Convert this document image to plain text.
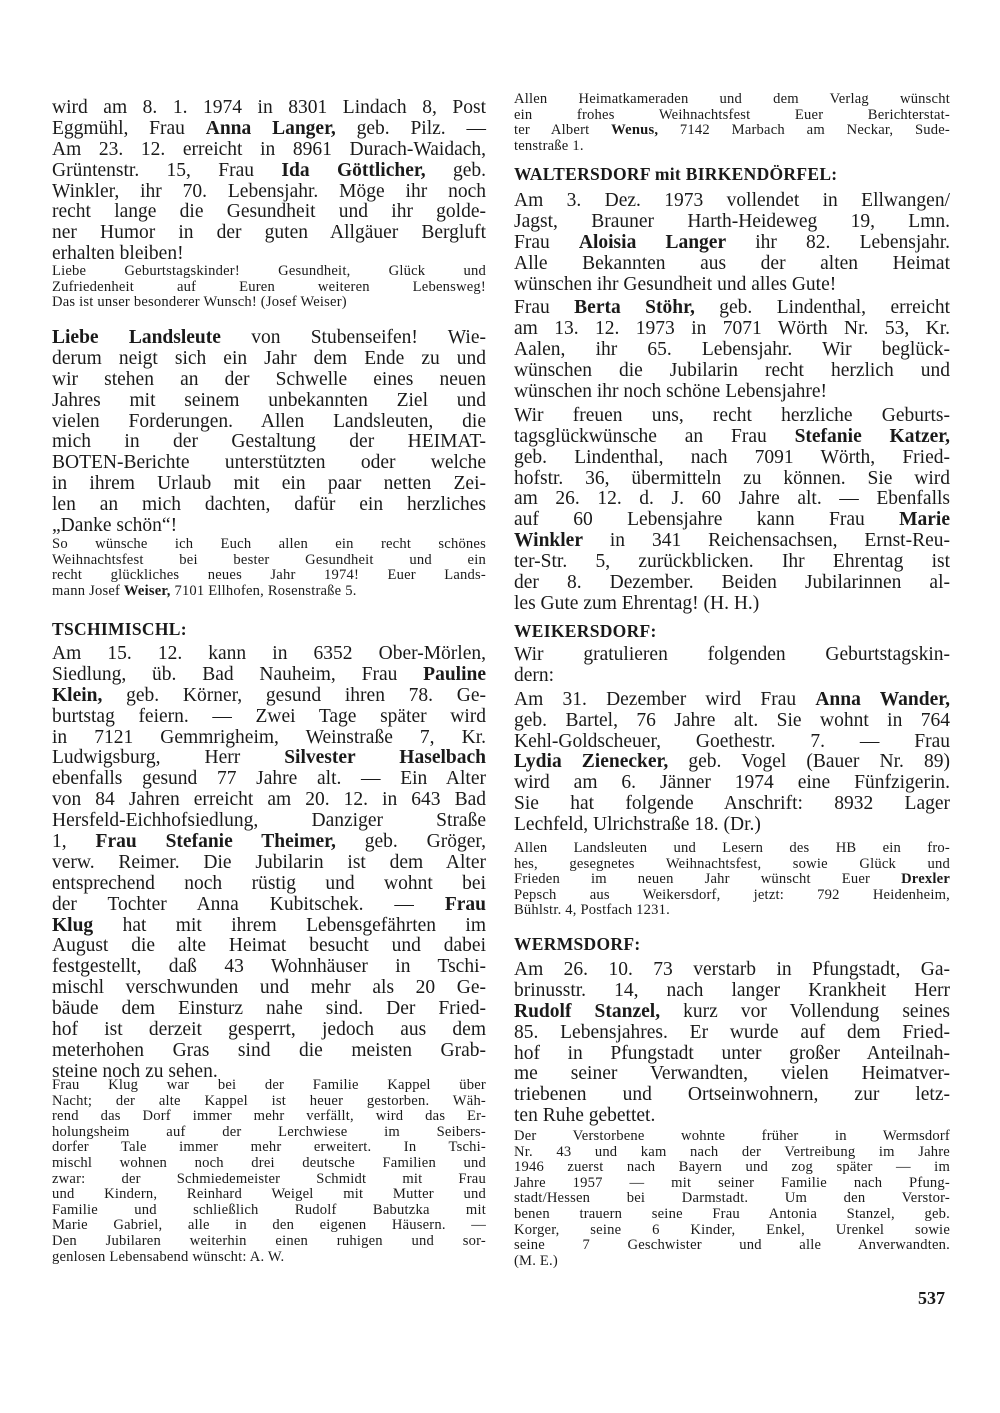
wird am 8. 1. 1974 in 8301 Lindach 8, Post
Eggmühl, Frau Anna Langer, geb. Pilz. —
Am 23. 12. erreicht in 8961 Durach-Waidach,
Grüntenstr. 15, Frau Ida Göttlicher, geb.
Winkler, ihr 70. Lebensjahr. Möge ihr noch
recht lange die Gesundheit und ihr golde-
ner Humor in der guten Allgäuer Bergluft
erhalten bleiben!
Liebe Geburtstagskinder! Gesundheit, Glück und
Zufriedenheit auf Euren weiteren Lebensweg!
Das ist unser besonderer Wunsch! (Josef Weiser)
Liebe Landsleute von Stubenseifen! Wie-
derum neigt sich ein Jahr dem Ende zu und
wir stehen an der Schwelle eines neuen
Jahres mit seinem unbekannten Ziel und
vielen Forderungen. Allen Landsleuten, die
mich in der Gestaltung der HEIMAT-
BOTEN-Berichte unterstützten oder welche
in ihrem Urlaub mit ein paar netten Zei-
len an mich dachten, dafür ein herzliches
„Danke schön“!
So wünsche ich Euch allen ein recht schönes
Weihnachtsfest bei bester Gesundheit und ein
recht glückliches neues Jahr 1974! Euer Lands-
mann Josef Weiser, 7101 Ellhofen, Rosenstraße 5.
TSCHIMISCHL:
Am 15. 12. kann in 6352 Ober-Mörlen,
Siedlung, üb. Bad Nauheim, Frau Pauline
Klein, geb. Körner, gesund ihren 78. Ge-
burtstag feiern. — Zwei Tage später wird
in 7121 Gemmrigheim, Weinstraße 7, Kr.
Ludwigsburg, Herr Silvester Haselbach
ebenfalls gesund 77 Jahre alt. — Ein Alter
von 84 Jahren erreicht am 20. 12. in 643 Bad
Hersfeld-Eichhofsiedlung, Danziger Straße
1, Frau Stefanie Theimer, geb. Gröger,
verw. Reimer. Die Jubilarin ist dem Alter
entsprechend noch rüstig und wohnt bei
der Tochter Anna Kubitschek. — Frau
Klug hat mit ihrem Lebensgefährten im
August die alte Heimat besucht und dabei
festgestellt, daß 43 Wohnhäuser in Tschi-
mischl verschwunden und mehr als 20 Ge-
bäude dem Einsturz nahe sind. Der Fried-
hof ist derzeit gesperrt, jedoch aus dem
meterhohen Gras sind die meisten Grab-
steine noch zu sehen.
Frau Klug war bei der Familie Kappel über
Nacht; der alte Kappel ist heuer gestorben. Wäh-
rend das Dorf immer mehr verfällt, wird das Er-
holungsheim auf der Lerchwiese im Seibers-
dorfer Tale immer mehr erweitert. In Tschi-
mischl wohnen noch drei deutsche Familien und
zwar: der Schmiedemeister Schmidt mit Frau
und Kindern, Reinhard Weigel mit Mutter und
Familie und schließlich Rudolf Babutzka mit
Marie Gabriel, alle in den eigenen Häusern. —
Den Jubilaren weiterhin einen ruhigen und sor-
genlosen Lebensabend wünscht: A. W.
Allen Heimatkameraden und dem Verlag wünscht
ein frohes Weihnachtsfest Euer Berichterstat-
ter Albert Wenus, 7142 Marbach am Neckar, Sude-
tenstraße 1.
WALTERSDORF mit BIRKENDÖRFEL:
Am 3. Dez. 1973 vollendet in Ellwangen/
Jagst, Brauner Harth-Heideweg 19, Lmn.
Frau Aloisia Langer ihr 82. Lebensjahr.
Alle Bekannten aus der alten Heimat
wünschen ihr Gesundheit und alles Gute!
Frau Berta Stöhr, geb. Lindenthal, erreicht
am 13. 12. 1973 in 7071 Wörth Nr. 53, Kr.
Aalen, ihr 65. Lebensjahr. Wir beglück-
wünschen die Jubilarin recht herzlich und
wünschen ihr noch schöne Lebensjahre!
Wir freuen uns, recht herzliche Geburts-
tagsglückwünsche an Frau Stefanie Katzer,
geb. Lindenthal, nach 7091 Wörth, Fried-
hofstr. 36, übermitteln zu können. Sie wird
am 26. 12. d. J. 60 Jahre alt. — Ebenfalls
auf 60 Lebensjahre kann Frau Marie
Winkler in 341 Reichensachsen, Ernst-Reu-
ter-Str. 5, zurückblicken. Ihr Ehrentag ist
der 8. Dezember. Beiden Jubilarinnen al-
les Gute zum Ehrentag! (H. H.)
WEIKERSDORF:
Wir gratulieren folgenden Geburtstagskin-
dern:
Am 31. Dezember wird Frau Anna Wander,
geb. Bartel, 76 Jahre alt. Sie wohnt in 764
Kehl-Goldscheuer, Goethestr. 7. — Frau
Lydia Zienecker, geb. Vogel (Bauer Nr. 89)
wird am 6. Jänner 1974 eine Fünfzigerin.
Sie hat folgende Anschrift: 8932 Lager
Lechfeld, Ulrichstraße 18. (Dr.)
Allen Landsleuten und Lesern des HB ein fro-
hes, gesegnetes Weihnachtsfest, sowie Glück und
Frieden im neuen Jahr wünscht Euer Drexler
Pepsch aus Weikersdorf, jetzt: 792 Heidenheim,
Bühlstr. 4, Postfach 1231.
WERMSDORF:
Am 26. 10. 73 verstarb in Pfungstadt, Ga-
brinusstr. 14, nach langer Krankheit Herr
Rudolf Stanzel, kurz vor Vollendung seines
85. Lebensjahres. Er wurde auf dem Fried-
hof in Pfungstadt unter großer Anteilnah-
me seiner Verwandten, vielen Heimatver-
triebenen und Ortseinwohnern, zur letz-
ten Ruhe gebettet.
Der Verstorbene wohnte früher in Wermsdorf
Nr. 43 und kam nach der Vertreibung im Jahre
1946 zuerst nach Bayern und zog später — im
Jahre 1957 — mit seiner Familie nach Pfung-
stadt/Hessen bei Darmstadt. Um den Verstor-
benen trauern seine Frau Antonia Stanzel, geb.
Korger, seine 6 Kinder, Enkel, Urenkel sowie
seine 7 Geschwister und alle Anverwandten.
(M. E.)
537
